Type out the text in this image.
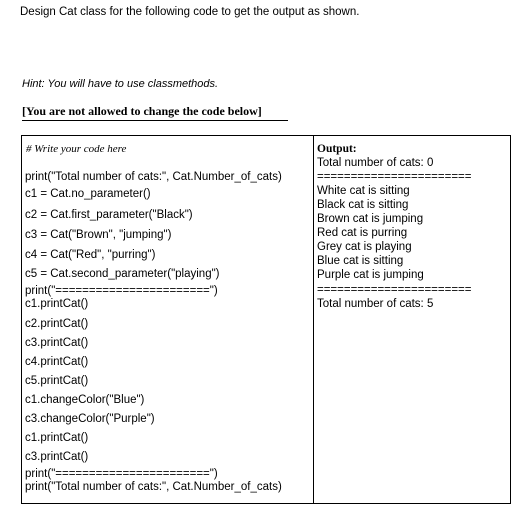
Design Cat class for the following code to get the output as shown.
Hint: You will have to use classmethods.
[You are not allowed to change the code below]
# Write your code here
print("Total number of cats:", Cat.Number_of_cats)
c1 = Cat.no_parameter()
c2 = Cat.first_parameter("Black")
c3 = Cat("Brown", "jumping")
c4 = Cat("Red", "purring")
c5 = Cat.second_parameter("playing")
print("=======================")
c1.printCat()
c2.printCat()
c3.printCat()
c4.printCat()
c5.printCat()
c1.changeColor("Blue")
c3.changeColor("Purple")
c1.printCat()
c3.printCat()
print("=======================")
print("Total number of cats:", Cat.Number_of_cats)
Output:
Total number of cats: 0
=======================
White cat is sitting
Black cat is sitting
Brown cat is jumping
Red cat is purring
Grey cat is playing
Blue cat is sitting
Purple cat is jumping
=======================
Total number of cats: 5
